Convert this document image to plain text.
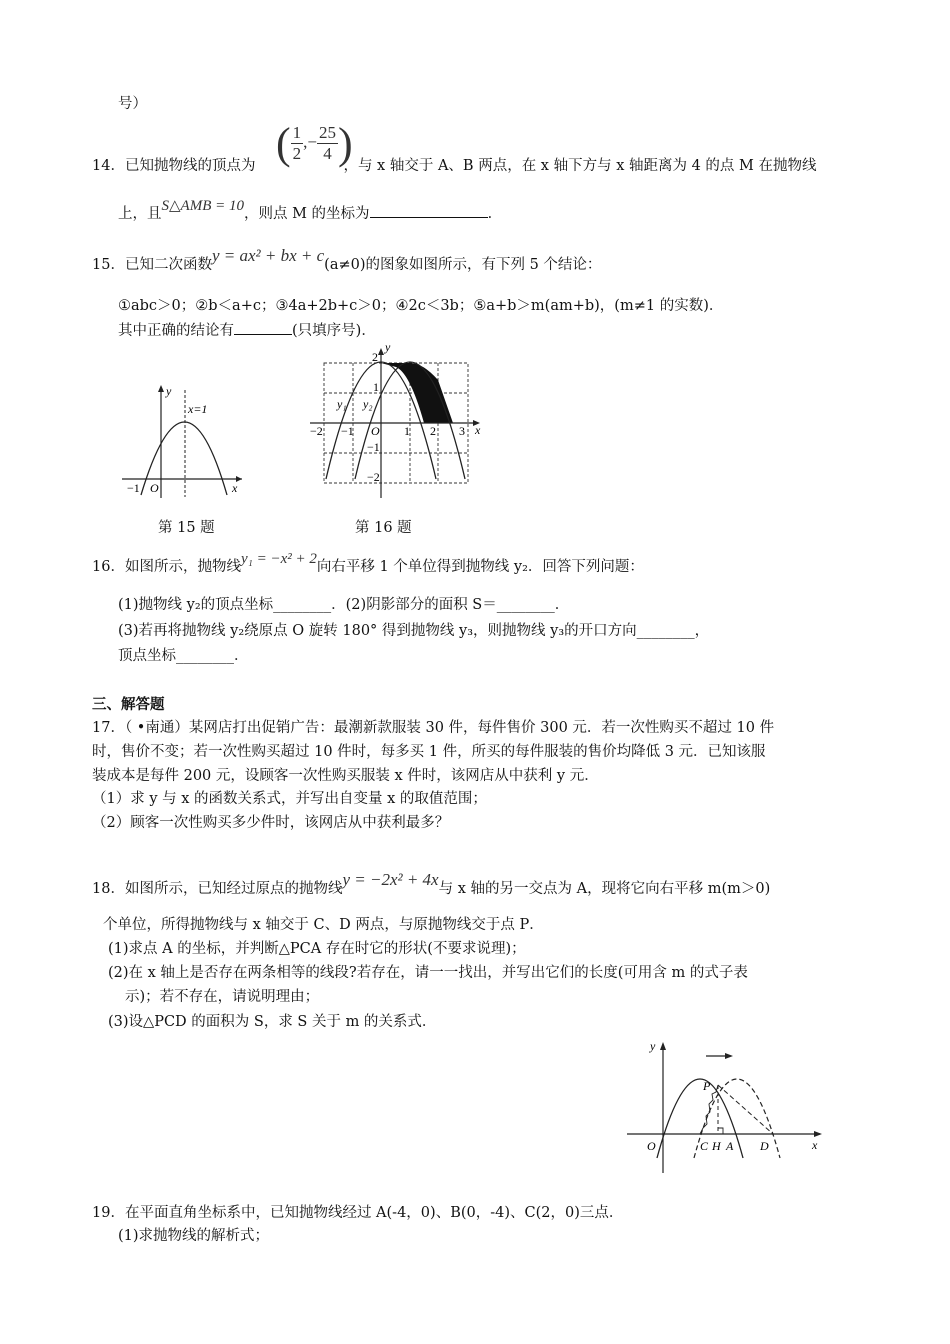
号）
( $\frac{1}{2}$ ,− $\frac{25}{4}$ )
14．已知抛物线的顶点为	，与 x 轴交于 A、B 两点，在 x 轴下方与 x 轴距离为 4 的点 M 在抛物线
上，且S△AMB = 10，则点 M 的坐标为	．
15．已知二次函数y = ax² + bx + c(a≠0)的图象如图所示，有下列 5 个结论：
①abc＞0；②b＜a+c；③4a+2b+c＞0；④2c＜3b；⑤a+b＞m(am+b)，(m≠1 的实数)．
其中正确的结论有	(只填序号)．
y
x=1
x
−1 O
y
x
O
y₁ y₂
−2 −1	1 2 3
2
1
−1
−2
第 15 题	第 16 题
16．如图所示，抛物线y₁ = −x² + 2向右平移 1 个单位得到抛物线 y₂．回答下列问题：
(1)抛物线 y₂的顶点坐标________．(2)阴影部分的面积 S＝________．
(3)若再将抛物线 y₂绕原点 O 旋转 180° 得到抛物线 y₃，则抛物线 y₃的开口方向________，
顶点坐标________．
三、解答题
17．（ •南通）某网店打出促销广告：最潮新款服装 30 件，每件售价 300 元．若一次性购买不超过 10 件
时，售价不变；若一次性购买超过 10 件时，每多买 1 件，所买的每件服装的售价均降低 3 元．已知该服
装成本是每件 200 元，设顾客一次性购买服装 x 件时，该网店从中获利 y 元．
（1）求 y 与 x 的函数关系式，并写出自变量 x 的取值范围；
（2）顾客一次性购买多少件时，该网店从中获利最多？
18．如图所示，已知经过原点的抛物线y = −2x² + 4x与 x 轴的另一交点为 A，现将它向右平移 m(m＞0)
个单位，所得抛物线与 x 轴交于 C、D 两点，与原抛物线交于点 P．
(1)求点 A 的坐标，并判断△PCA 存在时它的形状(不要求说理)；
(2)在 x 轴上是否存在两条相等的线段?若存在，请一一找出，并写出它们的长度(可用含 m 的式子表
示)；若不存在，请说明理由；
(3)设△PCD 的面积为 S，求 S 关于 m 的关系式．
y
x
O
P
C H A D
19．在平面直角坐标系中，已知抛物线经过 A(-4，0)、B(0，-4)、C(2，0)三点．
(1)求抛物线的解析式；
